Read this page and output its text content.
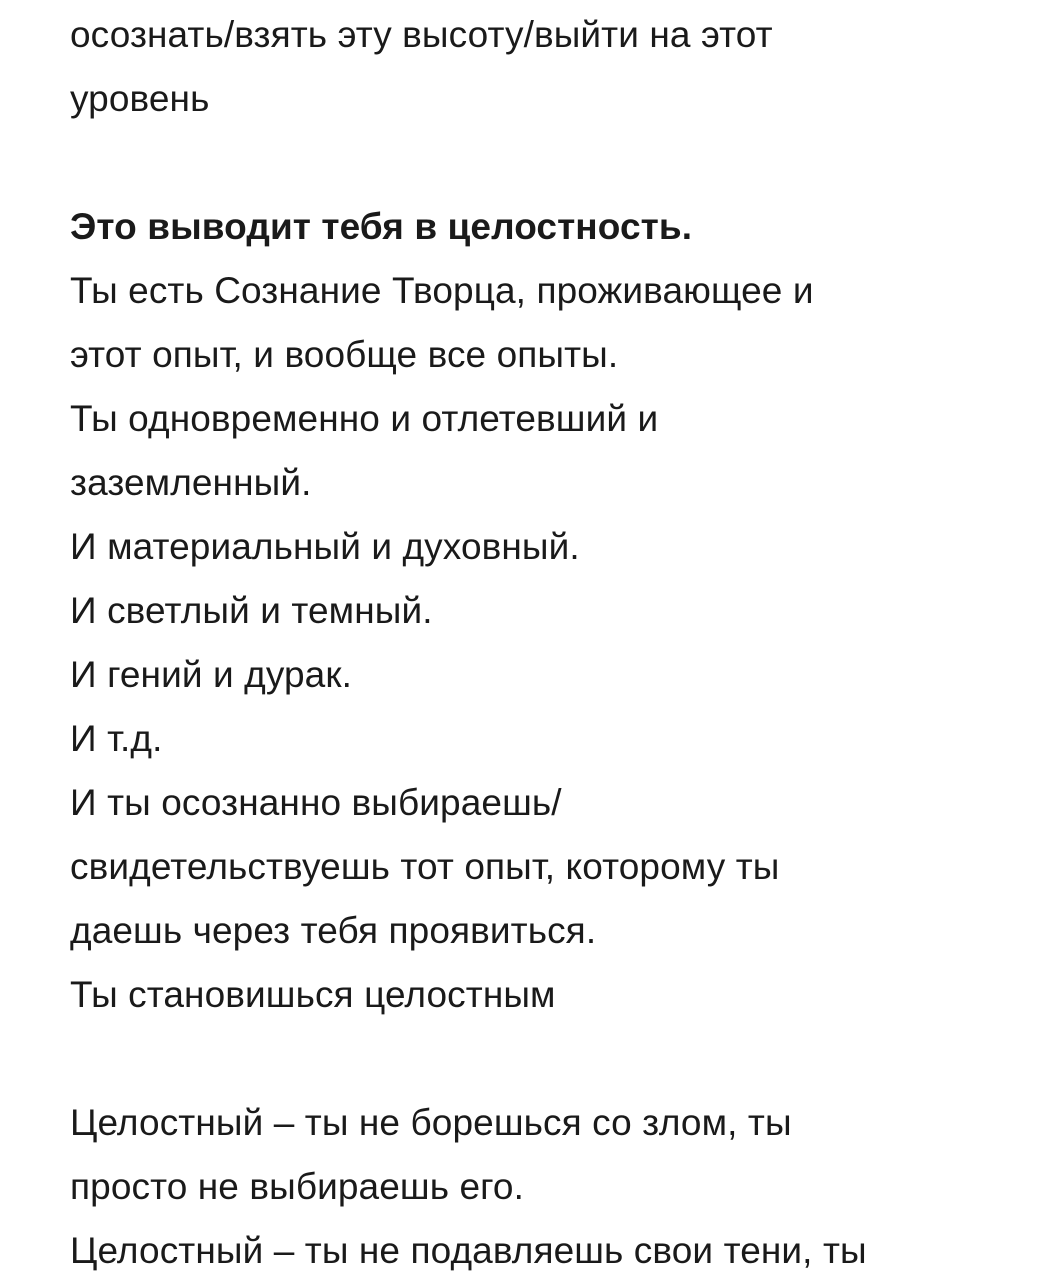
осознать/взять эту высоту/выйти на этот
уровень
Это выводит тебя в целостность.
Ты есть Сознание Творца, проживающее и
этот опыт, и вообще все опыты.
Ты одновременно и отлетевший и
заземленный.
И материальный и духовный.
И светлый и темный.
И гений и дурак.
И т.д.
И ты осознанно выбираешь/
свидетельствуешь тот опыт, которому ты
даешь через тебя проявиться.
Ты становишься целостным
Целостный – ты не борешься со злом, ты
просто не выбираешь его.
Целостный – ты не подавляешь свои тени, ты
